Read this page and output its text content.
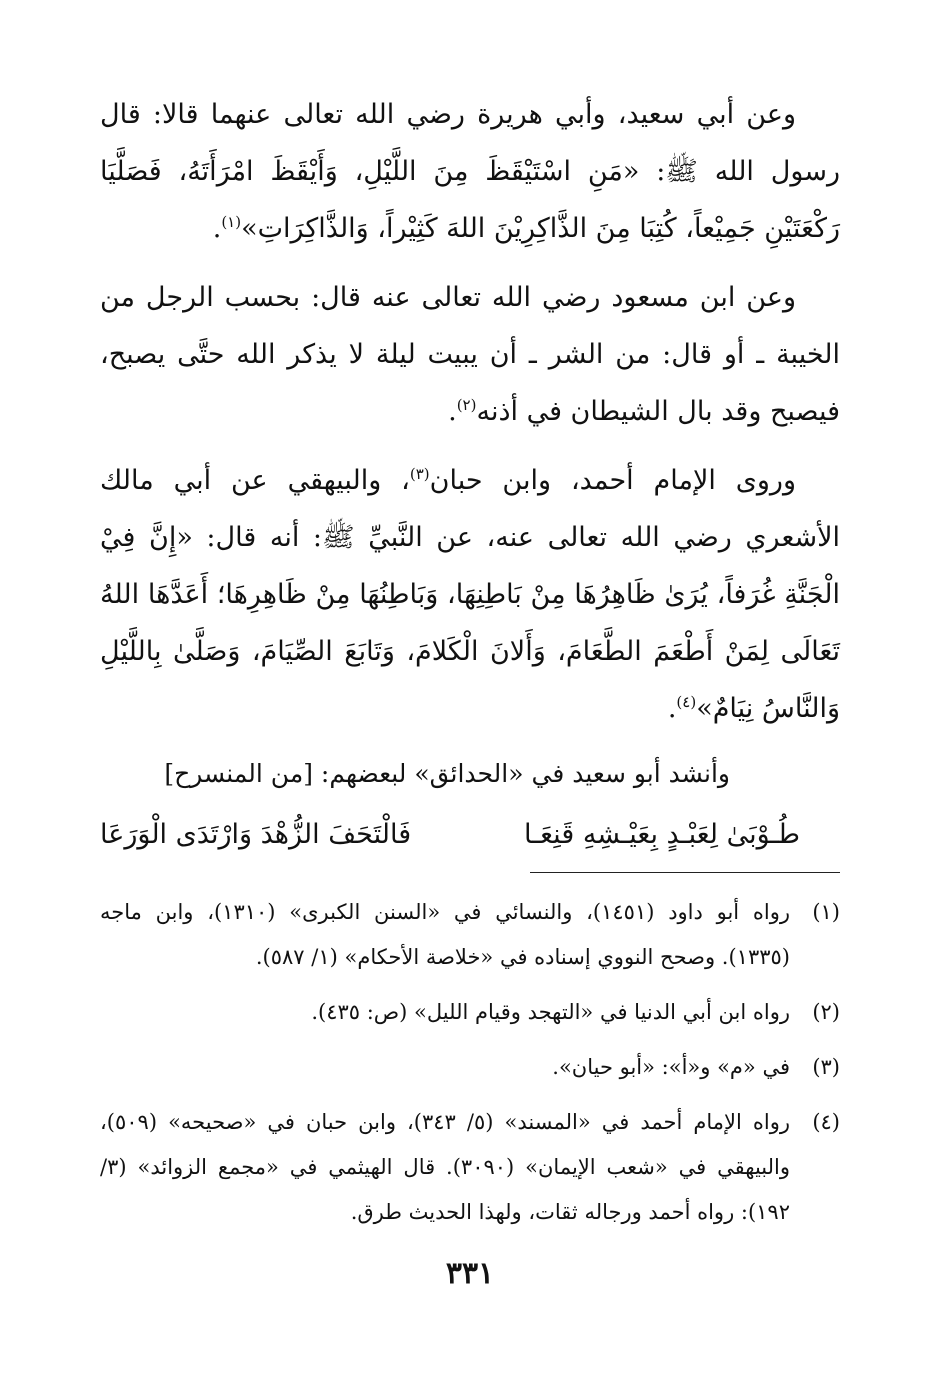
وعن أبي سعيد، وأبي هريرة رضي الله تعالى عنهما قالا: قال رسول الله ﷺ: «مَنِ اسْتَيْقَظَ مِنَ اللَّيْلِ، وَأَيْقَظَ امْرَأَتَهُ، فَصَلَّيَا رَكْعَتَيْنِ جَمِيْعاً، كُتِبَا مِنَ الذَّاكِرِيْنَ اللهَ كَثِيْراً، وَالذَّاكِرَاتِ»$^{(١)}$.

وعن ابن مسعود رضي الله تعالى عنه قال: بحسب الرجل من الخيبة ـ أو قال: من الشر ـ أن يبيت ليلة لا يذكر الله حتَّى يصبح، فيصبح وقد بال الشيطان في أذنه$^{(٢)}$.

وروى الإمام أحمد، وابن حبان$^{(٣)}$، والبيهقي عن أبي مالك الأشعري رضي الله تعالى عنه، عن النَّبيِّ ﷺ: أنه قال: «إِنَّ فِيْ الْجَنَّةِ غُرَفاً، يُرَىٰ ظَاهِرُهَا مِنْ بَاطِنِهَا، وَبَاطِنُهَا مِنْ ظَاهِرِهَا؛ أَعَدَّهَا اللهُ تَعَالَى لِمَنْ أَطْعَمَ الطَّعَامَ، وَأَلانَ الْكَلامَ، وَتَابَعَ الصِّيَامَ، وَصَلَّىٰ بِاللَّيْلِ وَالنَّاسُ نِيَامٌ»$^{(٤)}$.

وأنشد أبو سعيد في «الحدائق» لبعضهم: [من المنسرح]

طُـوْبَىٰ لِعَبْـدٍ بِعَيْـشِهِ قَنِعَـا
فَالْتَحَفَ الزُّهْدَ وَارْتَدَى الْوَرَعَا
(١)
رواه أبو داود (١٤٥١)، والنسائي في «السنن الكبرى» (١٣١٠)، وابن ماجه (١٣٣٥). وصحح النووي إسناده في «خلاصة الأحكام» (١/ ٥٨٧).
(٢)
رواه ابن أبي الدنيا في «التهجد وقيام الليل» (ص: ٤٣٥).
(٣)
في «م» و«أ»: «أبو حيان».
(٤)
رواه الإمام أحمد في «المسند» (٥/ ٣٤٣)، وابن حبان في «صحيحه» (٥٠٩)، والبيهقي في «شعب الإيمان» (٣٠٩٠). قال الهيثمي في «مجمع الزوائد» (٣/ ١٩٢): رواه أحمد ورجاله ثقات، ولهذا الحديث طرق.
٣٣١
